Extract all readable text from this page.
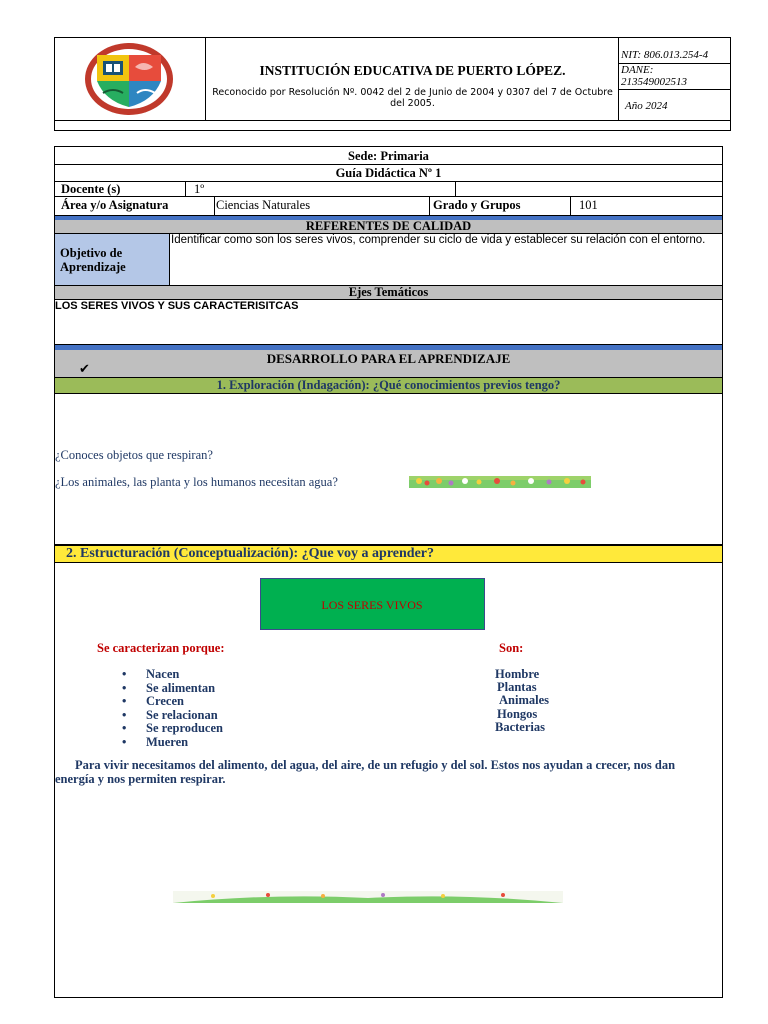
INSTITUCIÓN EDUCATIVA DE PUERTO LÓPEZ.
Reconocido por Resolución Nº. 0042 del 2 de Junio de 2004 y 0307 del 7 de Octubre del 2005.
NIT: 806.013.254-4
DANE:
213549002513
Año 2024
Sede: Primaria
Guía Didáctica Nº 1
Docente (s)	1º
Área y/o Asignatura	Ciencias Naturales	Grado y Grupos	101
REFERENTES DE CALIDAD
Objetivo de Aprendizaje
Identificar como son los seres vivos, comprender su ciclo de vida y establecer su relación con el entorno.
Ejes Temáticos
LOS SERES VIVOS Y SUS CARACTERISITCAS
DESARROLLO PARA EL APRENDIZAJE
✔
1. Exploración (Indagación): ¿Qué conocimientos previos tengo?
¿Conoces objetos que respiran?
¿Los animales, las planta y los humanos necesitan agua?
2. Estructuración (Conceptualización): ¿Que voy a aprender?
LOS SERES VIVOS
Se caracterizan porque:	Son:
• Nacen
• Se alimentan
• Crecen
• Se relacionan
• Se reproducen
• Mueren
Hombre
Plantas
Animales
Hongos
Bacterias
Para vivir necesitamos del alimento, del agua, del aire, de un refugio y del sol. Estos nos ayudan a crecer, nos dan energía y nos permiten respirar.
